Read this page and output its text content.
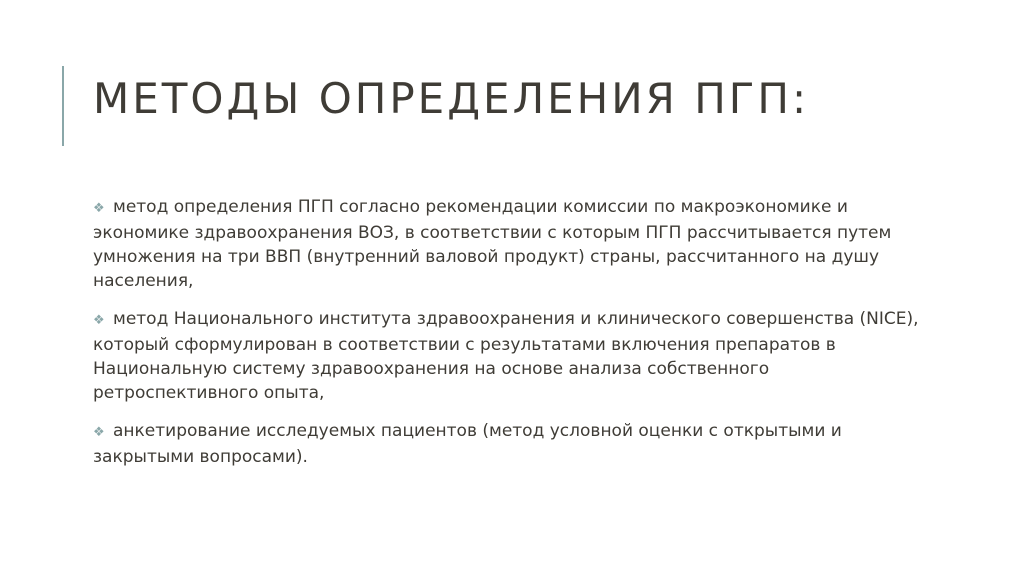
МЕТОДЫ ОПРЕДЕЛЕНИЯ ПГП:
❖ метод определения ПГП согласно рекомендации комиссии по макроэкономике и экономике здравоохранения ВОЗ, в соответствии с которым ПГП рассчитывается путем умножения на три ВВП (внутренний валовой продукт) страны, рассчитанного на душу населения,
❖ метод Национального института здравоохранения и клинического совершенства (NICE), который сформулирован в соответствии с результатами включения препаратов в Национальную систему здравоохранения на основе анализа собственного ретроспективного опыта,
❖ анкетирование исследуемых пациентов (метод условной оценки с открытыми и закрытыми вопросами).
